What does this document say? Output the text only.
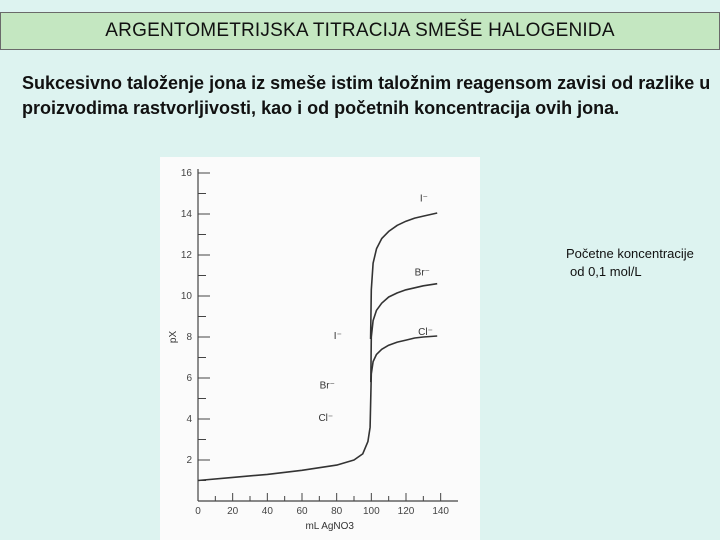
ARGENTOMETRIJSKA TITRACIJA SMEŠE HALOGENIDA

Sukcesivno taloženje jona iz smeše istim taložnim reagensom zavisi od razlike u proizvodima rastvorljivosti, kao i od početnih koncentracija ovih jona.

2
4
6
8
10
12
14
16
0	20 40 60 80 100 120 140
pX
mL AgNO3
I⁻
Br⁻
Cl⁻
I⁻
Br⁻
Cl⁻
Početne koncentracije
od 0,1 mol/L
